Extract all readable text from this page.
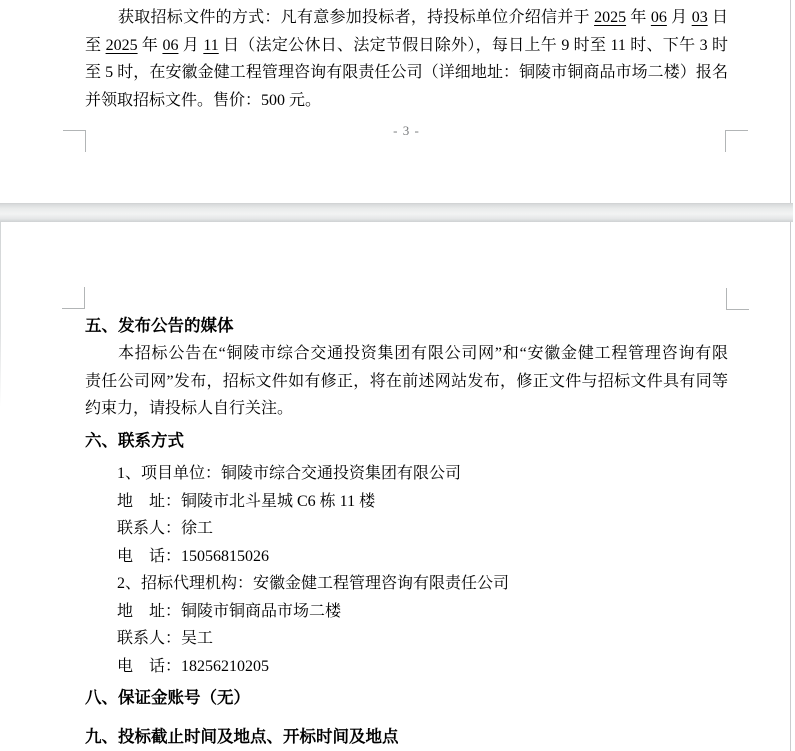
获取招标文件的方式：凡有意参加投标者，持投标单位介绍信并于 2025 年 06 月 03 日
至 2025 年 06 月 11 日（法定公休日、法定节假日除外），每日上午 9 时至 11 时、下午 3 时
至 5 时，在安徽金健工程管理咨询有限责任公司（详细地址：铜陵市铜商品市场二楼）报名
并领取招标文件。售价：500 元。
- 3 -
五、发布公告的媒体
本招标公告在“铜陵市综合交通投资集团有限公司网”和“安徽金健工程管理咨询有限
责任公司网”发布，招标文件如有修正，将在前述网站发布，修正文件与招标文件具有同等
约束力，请投标人自行关注。
六、联系方式
1、项目单位：铜陵市综合交通投资集团有限公司
地　址：铜陵市北斗星城 C6 栋 11 楼
联系人：徐工
电　话：15056815026
2、招标代理机构：安徽金健工程管理咨询有限责任公司
地　址：铜陵市铜商品市场二楼
联系人：吴工
电　话：18256210205
八、保证金账号（无）
九、投标截止时间及地点、开标时间及地点
